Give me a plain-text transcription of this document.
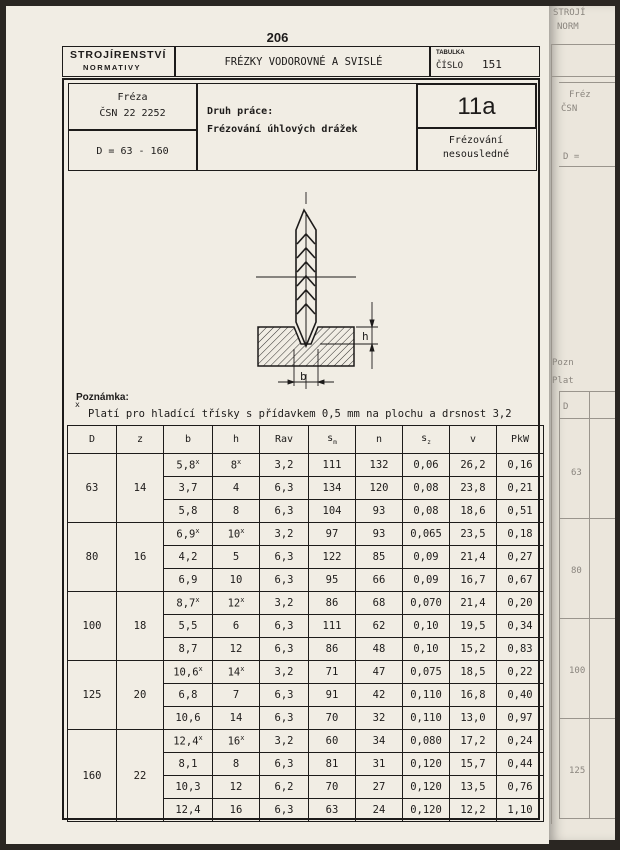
206
STROJÍRENSTVÍ
NORMATIVY	FRÉZKY VODOROVNÉ A SVISLÉ
TABULKA
ČÍSLO 151
Fréza
ČSN 22 2252
D = 63 - 160
Druh práce:
Frézování úhlových drážek
11a
Frézování
nesousledné
b
h
Poznámka:
x
Platí pro hladící třísky s přídavkem 0,5 mm na plochu a drsnost 3,2
D	z	b	h	Rav	$s_m$	n	$s_z$	v	PkW
63	14	5,8$^x$	8$^x$	3,2	111	132	0,06	26,2	0,16
		3,7	4	6,3	134	120	0,08	23,8	0,21
		5,8	8	6,3	104	93	0,08	18,6	0,51
80	16	6,9$^x$	10$^x$	3,2	97	93	0,065	23,5	0,18
		4,2	5	6,3	122	85	0,09	21,4	0,27
		6,9	10	6,3	95	66	0,09	16,7	0,67
100	18	8,7$^x$	12$^x$	3,2	86	68	0,070	21,4	0,20
		5,5	6	6,3	111	62	0,10	19,5	0,34
		8,7	12	6,3	86	48	0,10	15,2	0,83
125	20	10,6$^x$	14$^x$	3,2	71	47	0,075	18,5	0,22
		6,8	7	6,3	91	42	0,110	16,8	0,40
		10,6	14	6,3	70	32	0,110	13,0	0,97
160	22	12,4$^x$	16$^x$	3,2	60	34	0,080	17,2	0,24
		8,1	8	6,3	81	31	0,120	15,7	0,44
		10,3	12	6,2	70	27	0,120	13,5	0,76
		12,4	16	6,3	63	24	0,120	12,2	1,10
STROJÍ
NORM
Fréz
ČSN
D =
Pozn
Plat
D
63
80
100
125
